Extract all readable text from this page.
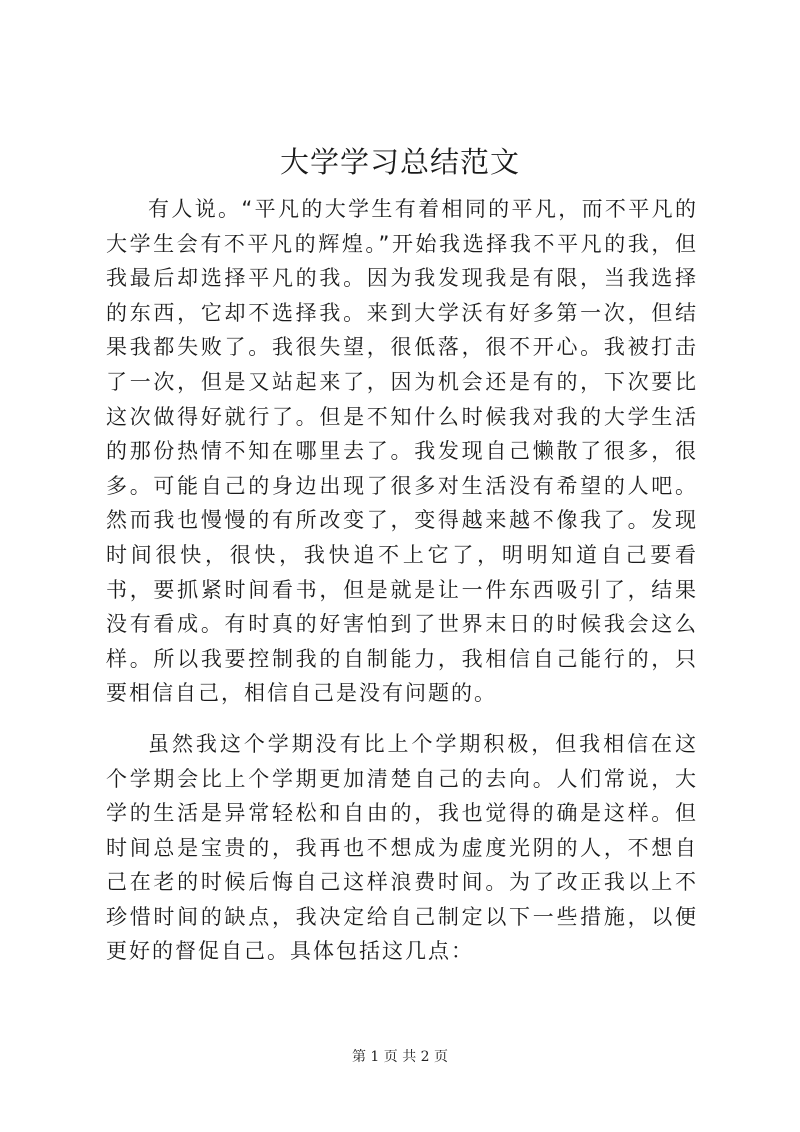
大学学习总结范文

有人说。“平凡的大学生有着相同的平凡，而不平凡的大学生会有不平凡的辉煌。”开始我选择我不平凡的我，但我最后却选择平凡的我。因为我发现我是有限，当我选择的东西，它却不选择我。来到大学沃有好多第一次，但结果我都失败了。我很失望，很低落，很不开心。我被打击了一次，但是又站起来了，因为机会还是有的，下次要比这次做得好就行了。但是不知什么时候我对我的大学生活的那份热情不知在哪里去了。我发现自己懒散了很多，很多。可能自己的身边出现了很多对生活没有希望的人吧。然而我也慢慢的有所改变了，变得越来越不像我了。发现时间很快，很快，我快追不上它了，明明知道自己要看书，要抓紧时间看书，但是就是让一件东西吸引了，结果没有看成。有时真的好害怕到了世界末日的时候我会这么样。所以我要控制我的自制能力，我相信自己能行的，只要相信自己，相信自己是没有问题的。

虽然我这个学期没有比上个学期积极，但我相信在这个学期会比上个学期更加清楚自己的去向。人们常说，大学的生活是异常轻松和自由的，我也觉得的确是这样。但时间总是宝贵的，我再也不想成为虚度光阴的人，不想自己在老的时候后悔自己这样浪费时间。为了改正我以上不珍惜时间的缺点，我决定给自己制定以下一些措施，以便更好的督促自己。具体包括这几点：

第 1 页 共 2 页
